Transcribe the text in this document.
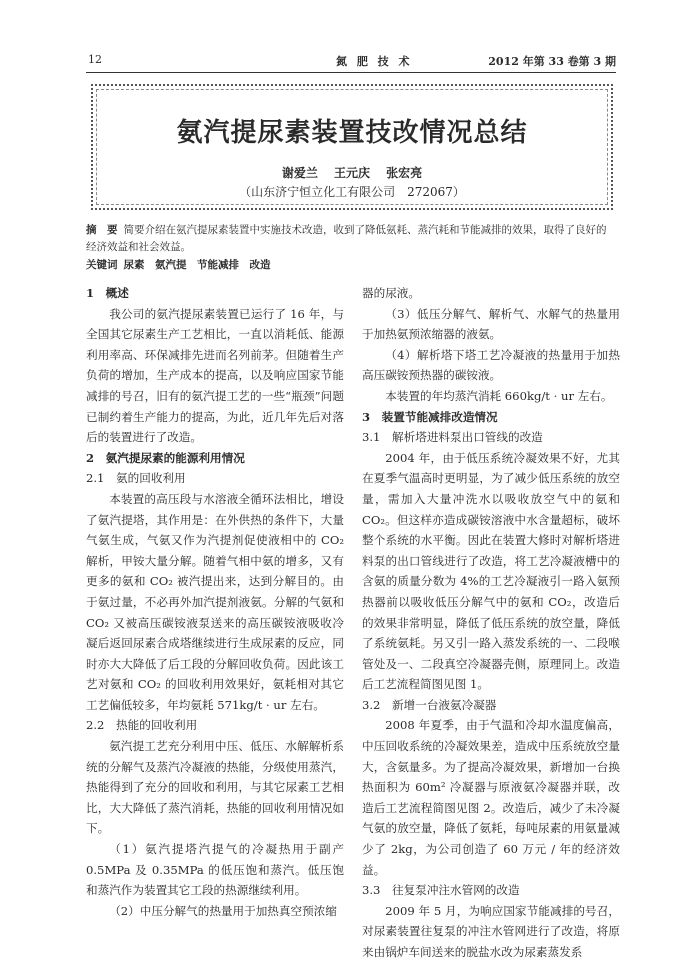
12	氮 肥 技 术	2012 年第 33 卷第 3 期
氨汽提尿素装置技改情况总结
谢爱兰 王元庆 张宏亮
（山东济宁恒立化工有限公司　272067）
摘　要 简要介绍在氨汽提尿素装置中实施技术改造，收到了降低氨耗、蒸汽耗和节能减排的效果，取得了良好的经济效益和社会效益。
关键词 尿素　氨汽提　节能减排　改造
1　概述

我公司的氨汽提尿素装置已运行了 16 年，与全国其它尿素生产工艺相比，一直以消耗低、能源利用率高、环保减排先进而名列前茅。但随着生产负荷的增加，生产成本的提高，以及响应国家节能减排的号召，旧有的氨汽提工艺的一些“瓶颈”问题已制约着生产能力的提高，为此，近几年先后对落后的装置进行了改造。

2　氨汽提尿素的能源利用情况
2.1　氨的回收利用

本装置的高压段与水溶液全循环法相比，增设了氨汽提塔，其作用是：在外供热的条件下，大量气氨生成，气氨又作为汽提剂促使液相中的 CO₂ 解析，甲铵大量分解。随着气相中氨的增多，又有更多的氨和 CO₂ 被汽提出来，达到分解目的。由于氨过量，不必再外加汽提剂液氨。分解的气氨和 CO₂ 又被高压碳铵液泵送来的高压碳铵液吸收冷凝后返回尿素合成塔继续进行生成尿素的反应，同时亦大大降低了后工段的分解回收负荷。因此该工艺对氨和 CO₂ 的回收利用效果好，氨耗相对其它工艺偏低较多，年均氨耗 571kg/t · ur 左右。

2.2　热能的回收利用

氨汽提工艺充分利用中压、低压、水解解析系统的分解气及蒸汽冷凝液的热能，分级使用蒸汽，热能得到了充分的回收和利用，与其它尿素工艺相比，大大降低了蒸汽消耗，热能的回收利用情况如下。

（1）氨汽提塔汽提气的冷凝热用于副产 0.5MPa 及 0.35MPa 的低压饱和蒸汽。低压饱和蒸汽作为装置其它工段的热源继续利用。
（2）中压分解气的热量用于加热真空预浓缩
器的尿液。
（3）低压分解气、解析气、水解气的热量用于加热氨预浓缩器的液氨。
（4）解析塔下塔工艺冷凝液的热量用于加热高压碳铵预热器的碳铵液。

本装置的年均蒸汽消耗 660kg/t · ur 左右。

3　装置节能减排改造情况
3.1　解析塔进料泵出口管线的改造

2004 年，由于低压系统冷凝效果不好，尤其在夏季气温高时更明显，为了减少低压系统的放空量，需加入大量冲洗水以吸收放空气中的氨和 CO₂。但这样亦造成碳铵溶液中水含量超标，破坏整个系统的水平衡。因此在装置大修时对解析塔进料泵的出口管线进行了改造，将工艺冷凝液槽中的含氨的质量分数为 4%的工艺冷凝液引一路入氨预热器前以吸收低压分解气中的氨和 CO₂，改造后的效果非常明显，降低了低压系统的放空量，降低了系统氨耗。另又引一路入蒸发系统的一、二段喉管处及一、二段真空冷凝器壳侧，原理同上。改造后工艺流程简图见图 1。

3.2　新增一台液氨冷凝器

2008 年夏季，由于气温和冷却水温度偏高，中压回收系统的冷凝效果差，造成中压系统放空量大，含氨量多。为了提高冷凝效果，新增加一台换热面积为 60m² 冷凝器与原液氨冷凝器并联，改造后工艺流程简图见图 2。改造后，减少了未冷凝气氨的放空量，降低了氨耗，每吨尿素的用氨量减少了 2kg，为公司创造了 60 万元 / 年的经济效益。

3.3　往复泵冲注水管网的改造

2009 年 5 月，为响应国家节能减排的号召，对尿素装置往复泵的冲注水管网进行了改造，将原来由锅炉车间送来的脱盐水改为尿素蒸发系
